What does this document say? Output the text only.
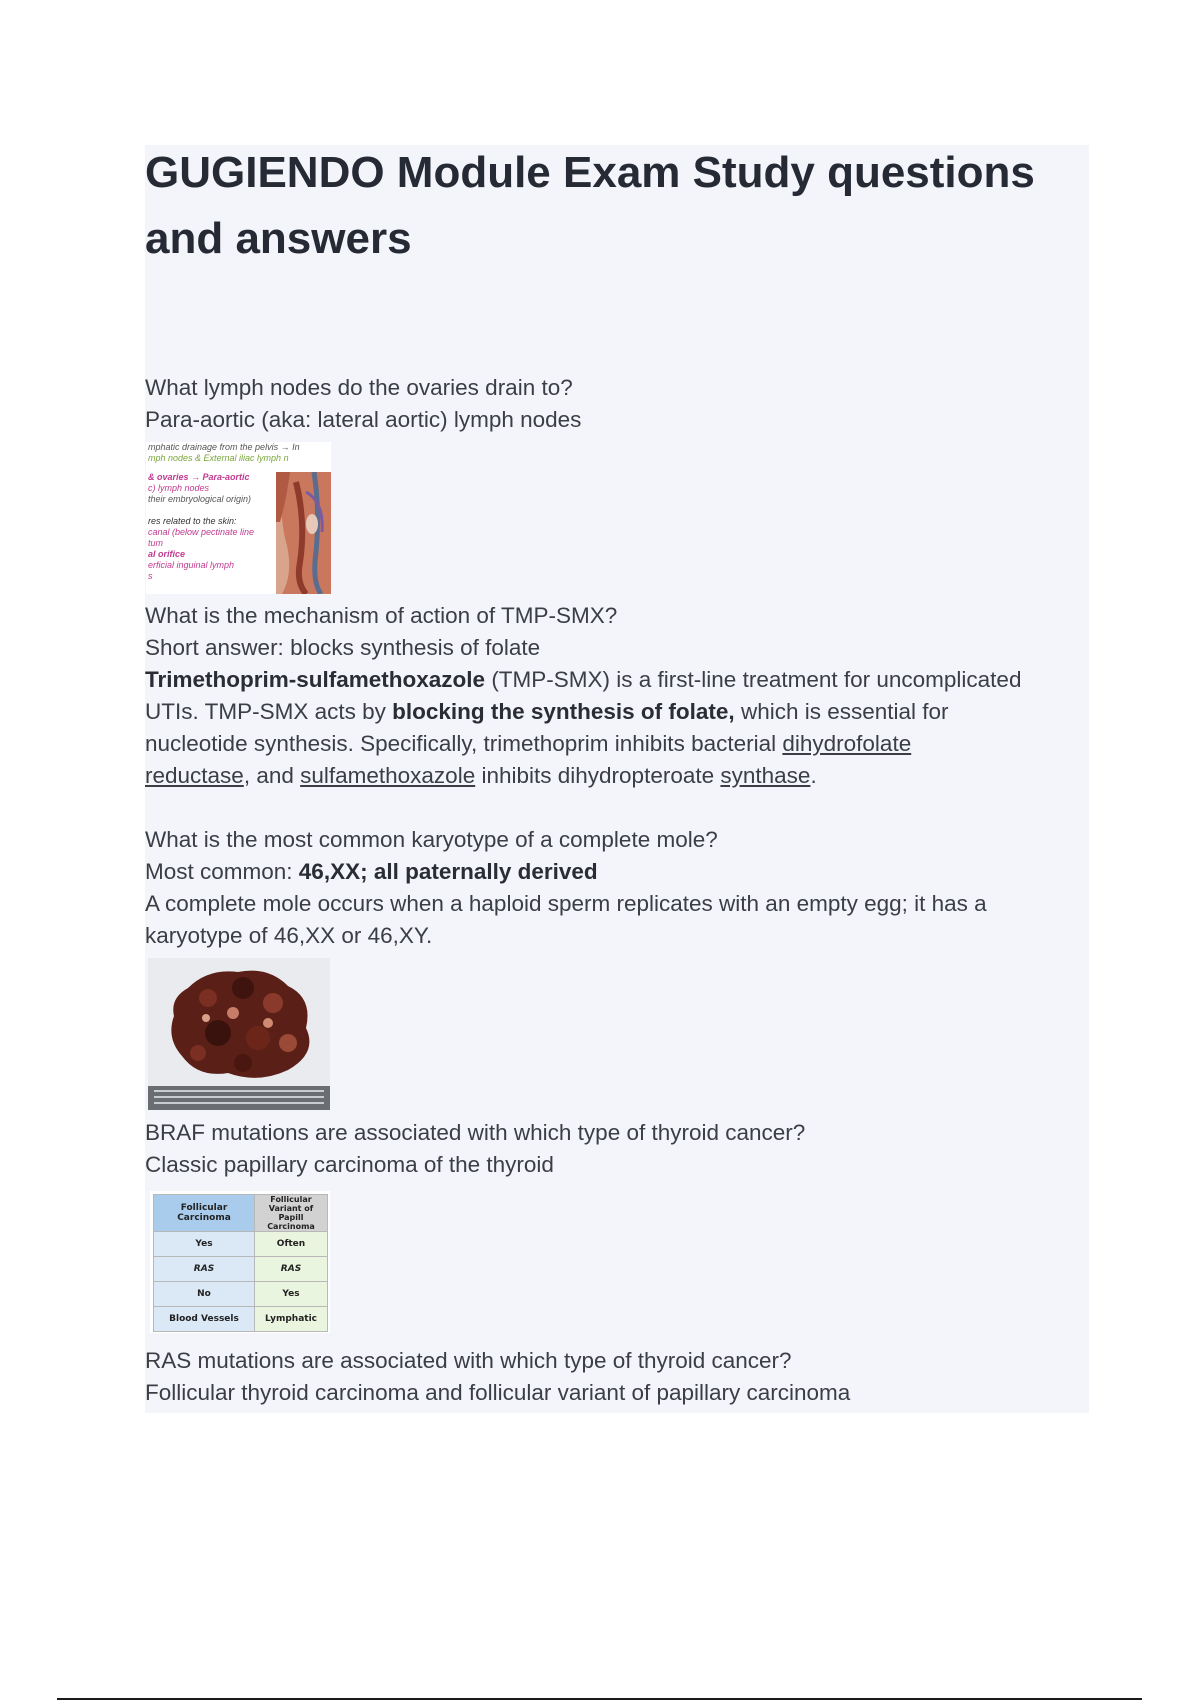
GUGIENDO Module Exam Study questions and answers
What lymph nodes do the ovaries drain to?
Para-aortic (aka: lateral aortic) lymph nodes
mphatic drainage from the pelvis → In
mph nodes & External iliac lymph n
& ovaries → Para-aortic
c) lymph nodes
their embryological origin)
res related to the skin:
canal (below pectinate line
tum
al orifice
erficial inguinal lymph
s
What is the mechanism of action of TMP-SMX?
Short answer: blocks synthesis of folate
Trimethoprim-sulfamethoxazole (TMP-SMX) is a first-line treatment for uncomplicated
UTIs. TMP-SMX acts by blocking the synthesis of folate, which is essential for
nucleotide synthesis. Specifically, trimethoprim inhibits bacterial dihydrofolate
reductase, and sulfamethoxazole inhibits dihydropteroate synthase.
What is the most common karyotype of a complete mole?
Most common: 46,XX; all paternally derived
A complete mole occurs when a haploid sperm replicates with an empty egg; it has a
karyotype of 46,XX or 46,XY.
BRAF mutations are associated with which type of thyroid cancer?
Classic papillary carcinoma of the thyroid
Follicular Carcinoma	Follicular Variant of Papill Carcinoma
Yes	Often
RAS	RAS
No	Yes
Blood Vessels	Lymphatic
RAS mutations are associated with which type of thyroid cancer?
Follicular thyroid carcinoma and follicular variant of papillary carcinoma
